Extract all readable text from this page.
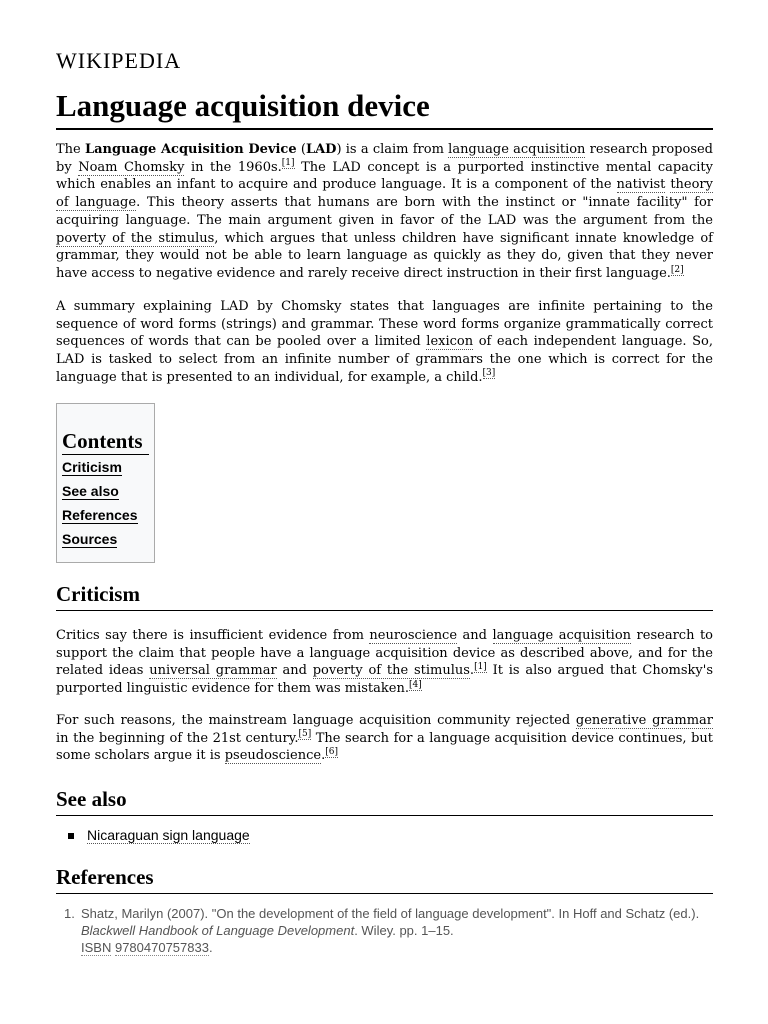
WIKIPEDIA
Language acquisition device

The Language Acquisition Device (LAD) is a claim from language acquisition research proposed by Noam Chomsky in the 1960s.[1] The LAD concept is a purported instinctive mental capacity which enables an infant to acquire and produce language. It is a component of the nativist theory of language. This theory asserts that humans are born with the instinct or "innate facility" for acquiring language. The main argument given in favor of the LAD was the argument from the poverty of the stimulus, which argues that unless children have significant innate knowledge of grammar, they would not be able to learn language as quickly as they do, given that they never have access to negative evidence and rarely receive direct instruction in their first language.[2]

A summary explaining LAD by Chomsky states that languages are infinite pertaining to the sequence of word forms (strings) and grammar. These word forms organize grammatically correct sequences of words that can be pooled over a limited lexicon of each independent language. So, LAD is tasked to select from an infinite number of grammars the one which is correct for the language that is presented to an individual, for example, a child.[3]

Contents
Criticism
See also
References
Sources
Criticism

Critics say there is insufficient evidence from neuroscience and language acquisition research to support the claim that people have a language acquisition device as described above, and for the related ideas universal grammar and poverty of the stimulus.[1] It is also argued that Chomsky's purported linguistic evidence for them was mistaken.[4]

For such reasons, the mainstream language acquisition community rejected generative grammar in the beginning of the 21st century.[5] The search for a language acquisition device continues, but some scholars argue it is pseudoscience.[6]

See also
Nicaraguan sign language
References
1. Shatz, Marilyn (2007). "On the development of the field of language development". In Hoff and Schatz (ed.). Blackwell Handbook of Language Development. Wiley. pp. 1–15.
ISBN 9780470757833.
